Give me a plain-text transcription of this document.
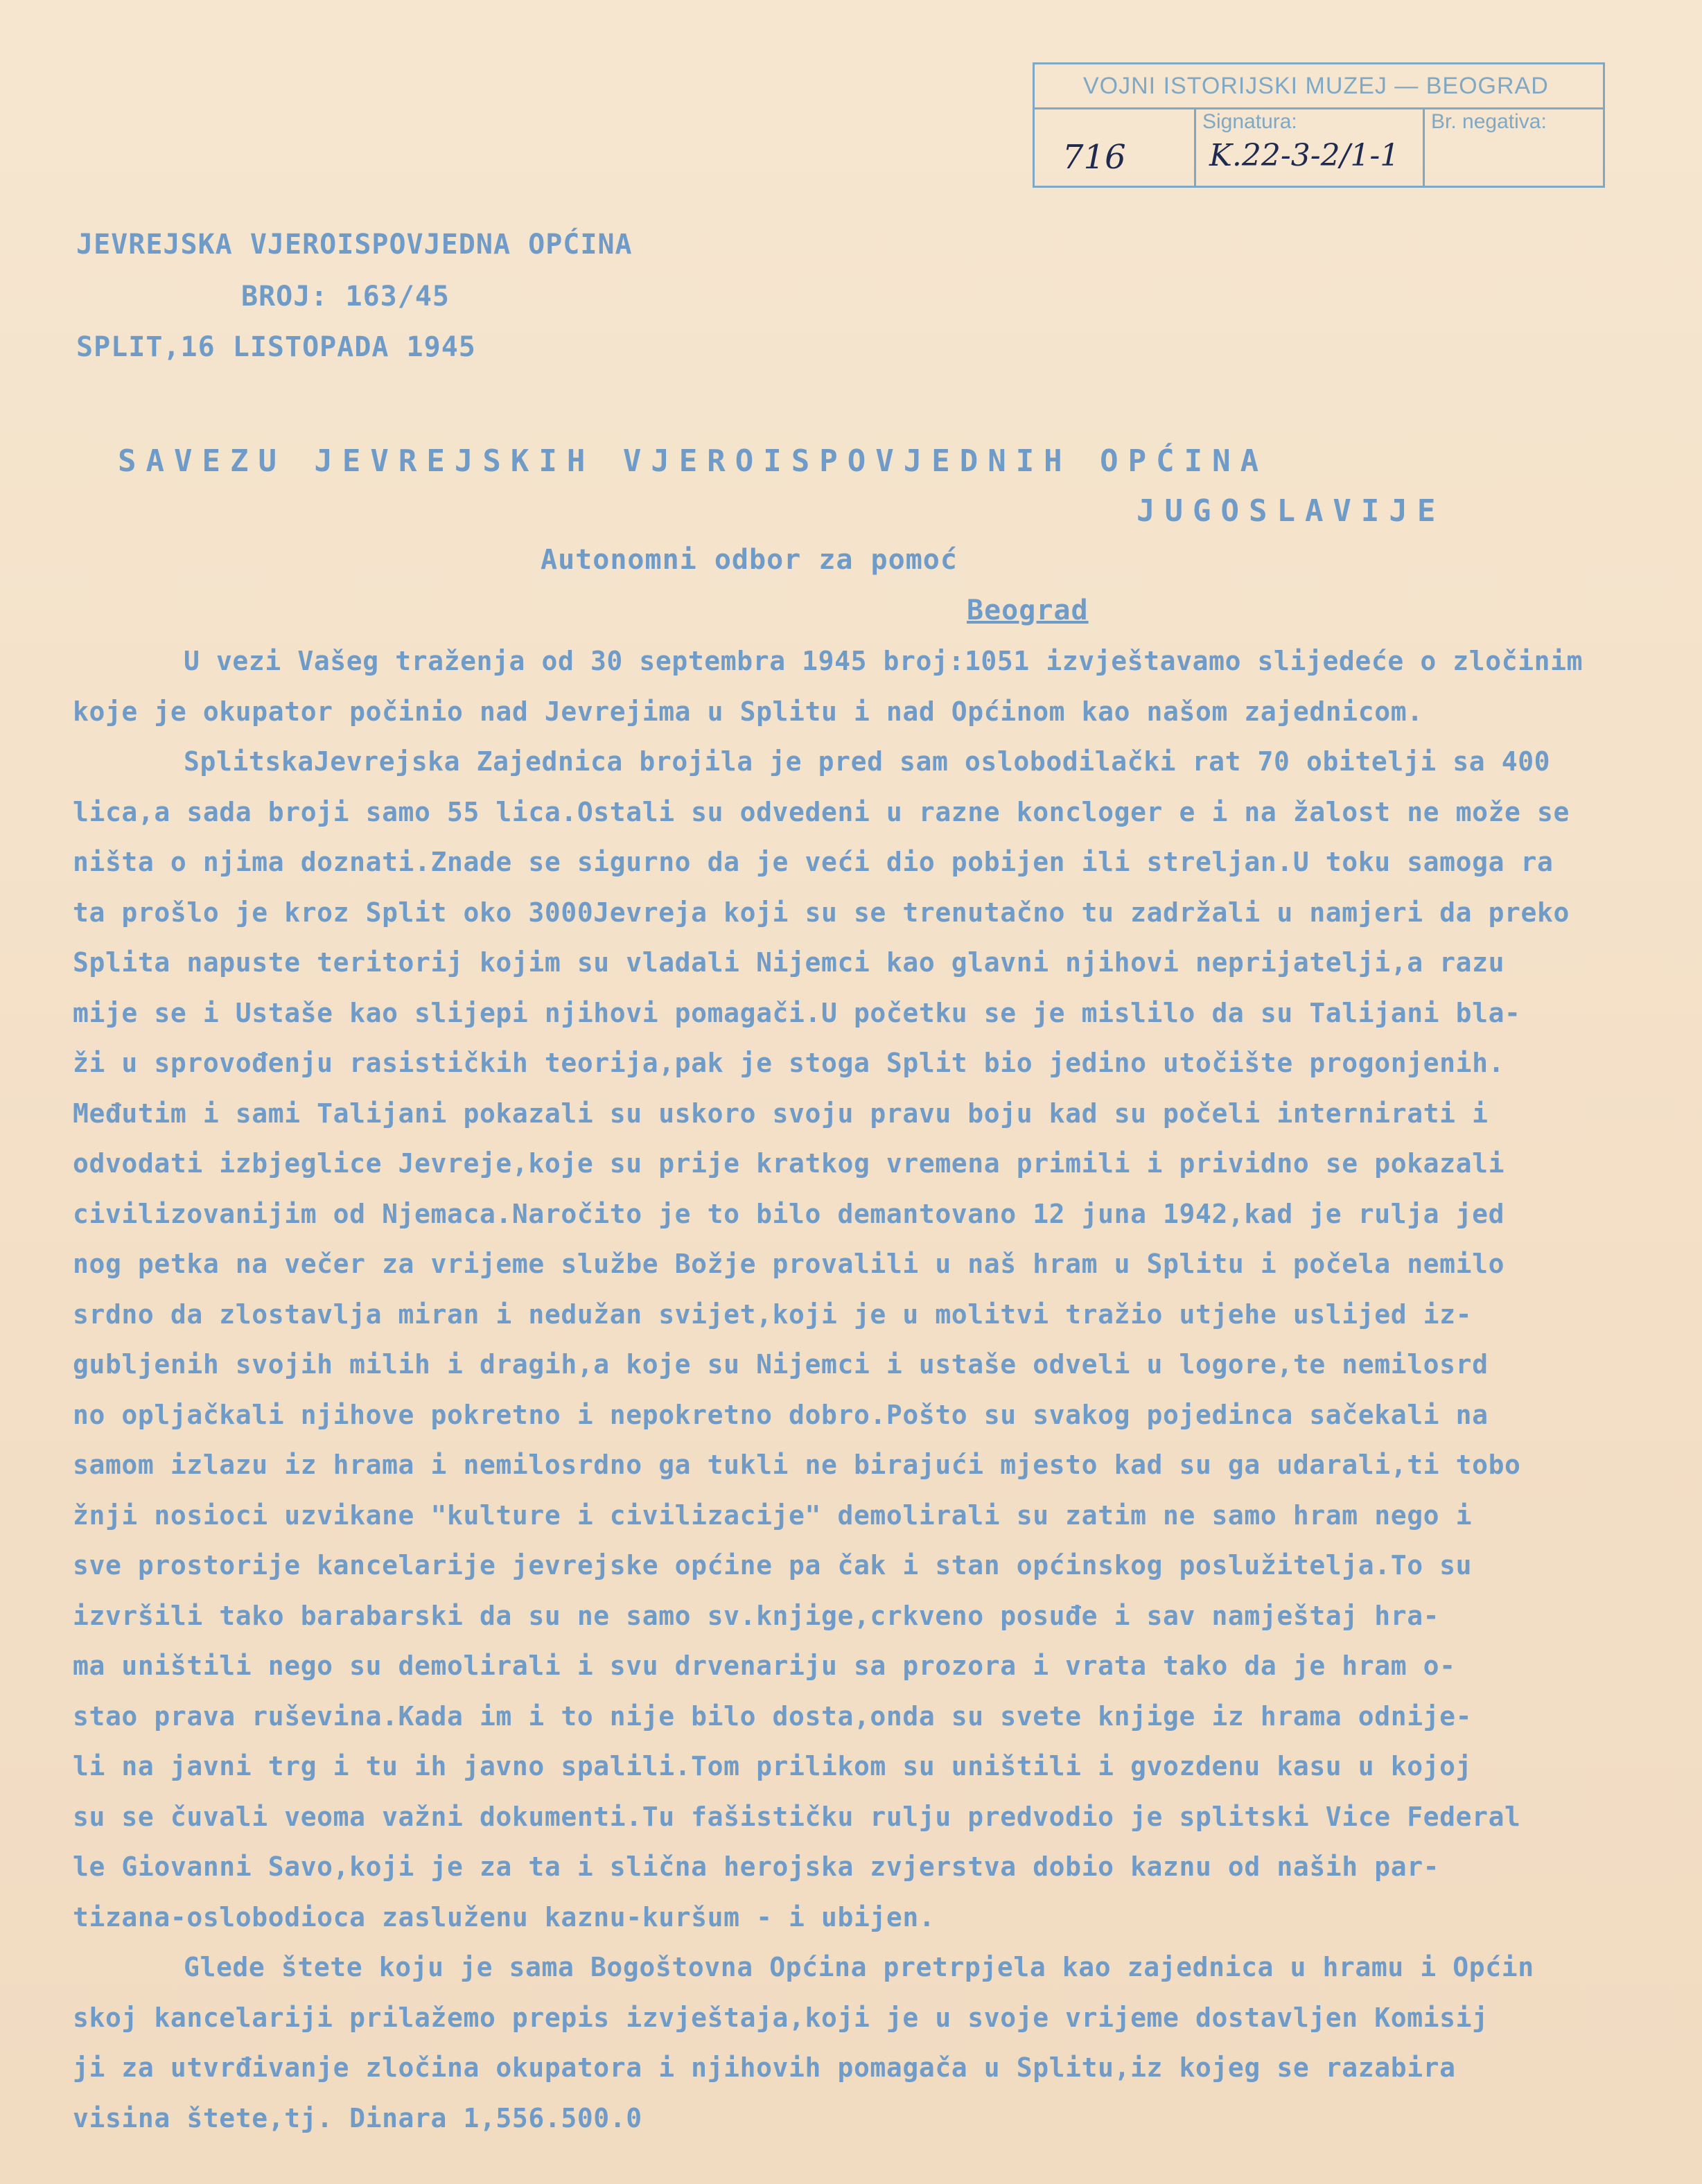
VOJNI ISTORIJSKI MUZEJ — BEOGRAD
716
Signatura:
K.22-3-2/1-1
Br. negativa:
JEVREJSKA VJEROISPOVJEDNA OPĆINA
BROJ: 163/45
SPLIT,16 LISTOPADA 1945
SAVEZU JEVREJSKIH VJEROISPOVJEDNIH OPĆINA
JUGOSLAVIJE
Autonomni odbor za pomoć
Beograd
U vezi Vašeg traženja od 30 septembra 1945 broj:1051 izvještavamo slijedeće o zločinim
koje je okupator počinio nad Jevrejima u Splitu i nad Općinom kao našom zajednicom.
SplitskaJevrejska Zajednica brojila je pred sam oslobodilački rat 70 obitelji sa 400
lica,a sada broji samo 55 lica.Ostali su odvedeni u razne koncloger e i na žalost ne može se
ništa o njima doznati.Znade se sigurno da je veći dio pobijen ili streljan.U toku samoga ra
ta prošlo je kroz Split oko 3000Jevreja koji su se trenutačno tu zadržali u namjeri da preko
Splita napuste teritorij kojim su vladali Nijemci kao glavni njihovi neprijatelji,a razu
mije se i Ustaše kao slijepi njihovi pomagači.U početku se je mislilo da su Talijani bla-
ži u sprovođenju rasističkih teorija,pak je stoga Split bio jedino utočište progonjenih.
Međutim i sami Talijani pokazali su uskoro svoju pravu boju kad su počeli internirati i
odvodati izbjeglice Jevreje,koje su prije kratkog vremena primili i prividno se pokazali
civilizovanijim od Njemaca.Naročito je to bilo demantovano 12 juna 1942,kad je rulja jed
nog petka na večer za vrijeme službe Božje provalili u naš hram u Splitu i počela nemilo
srdno da zlostavlja miran i nedužan svijet,koji je u molitvi tražio utjehe uslijed iz-
gubljenih svojih milih i dragih,a koje su Nijemci i ustaše odveli u logore,te nemilosrd
no opljačkali njihove pokretno i nepokretno dobro.Pošto su svakog pojedinca sačekali na
samom izlazu iz hrama i nemilosrdno ga tukli ne birajući mjesto kad su ga udarali,ti tobo
žnji nosioci uzvikane "kulture i civilizacije" demolirali su zatim ne samo hram nego i
sve prostorije kancelarije jevrejske općine pa čak i stan općinskog poslužitelja.To su
izvršili tako barabarski da su ne samo sv.knjige,crkveno posuđe i sav namještaj hra-
ma uništili nego su demolirali i svu drvenariju sa prozora i vrata tako da je hram o-
stao prava ruševina.Kada im i to nije bilo dosta,onda su svete knjige iz hrama odnije-
li na javni trg i tu ih javno spalili.Tom prilikom su uništili i gvozdenu kasu u kojoj
su se čuvali veoma važni dokumenti.Tu fašističku rulju predvodio je splitski Vice Federal
le Giovanni Savo,koji je za ta i slična herojska zvjerstva dobio kaznu od naših par-
tizana-oslobodioca zasluženu kaznu-kuršum - i ubijen.
Glede štete koju je sama Bogoštovna Općina pretrpjela kao zajednica u hramu i Općin
skoj kancelariji prilažemo prepis izvještaja,koji je u svoje vrijeme dostavljen Komisij
ji za utvrđivanje zločina okupatora i njihovih pomagača u Splitu,iz kojeg se razabira
visina štete,tj. Dinara 1,556.500.0
